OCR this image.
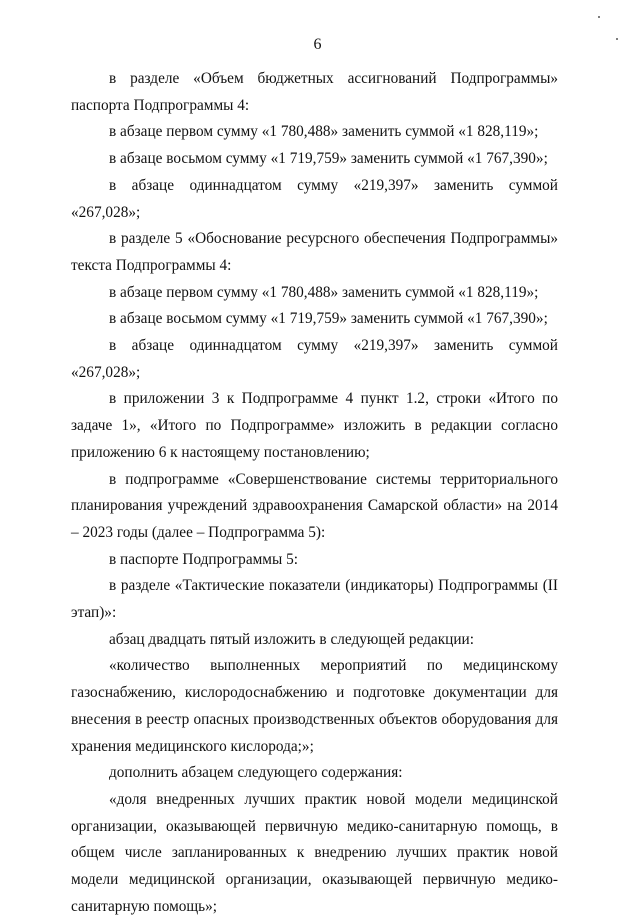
6

в разделе «Объем бюджетных ассигнований Подпрограммы» паспорта Подпрограммы 4:

в абзаце первом сумму «1 780,488» заменить суммой «1 828,119»;

в абзаце восьмом сумму «1 719,759» заменить суммой «1 767,390»;

в абзаце одиннадцатом сумму «219,397» заменить суммой «267,028»;

в разделе 5 «Обоснование ресурсного обеспечения Подпрограммы» текста Подпрограммы 4:

в абзаце первом сумму «1 780,488» заменить суммой «1 828,119»;

в абзаце восьмом сумму «1 719,759» заменить суммой «1 767,390»;

в абзаце одиннадцатом сумму «219,397» заменить суммой «267,028»;

в приложении 3 к Подпрограмме 4 пункт 1.2, строки «Итого по задаче 1», «Итого по Подпрограмме» изложить в редакции согласно приложению 6 к настоящему постановлению;

в подпрограмме «Совершенствование системы территориального планирования учреждений здравоохранения Самарской области» на 2014 – 2023 годы (далее – Подпрограмма 5):

в паспорте Подпрограммы 5:

в разделе «Тактические показатели (индикаторы) Подпрограммы (II этап)»:

абзац двадцать пятый изложить в следующей редакции:

«количество выполненных мероприятий по медицинскому газоснабжению, кислородоснабжению и подготовке документации для внесения в реестр опасных производственных объектов оборудования для хранения медицинского кислорода;»;

дополнить абзацем следующего содержания:

«доля внедренных лучших практик новой модели медицинской организации, оказывающей первичную медико-санитарную помощь, в общем числе запланированных к внедрению лучших практик новой модели медицинской организации, оказывающей первичную медико-санитарную помощь»;
